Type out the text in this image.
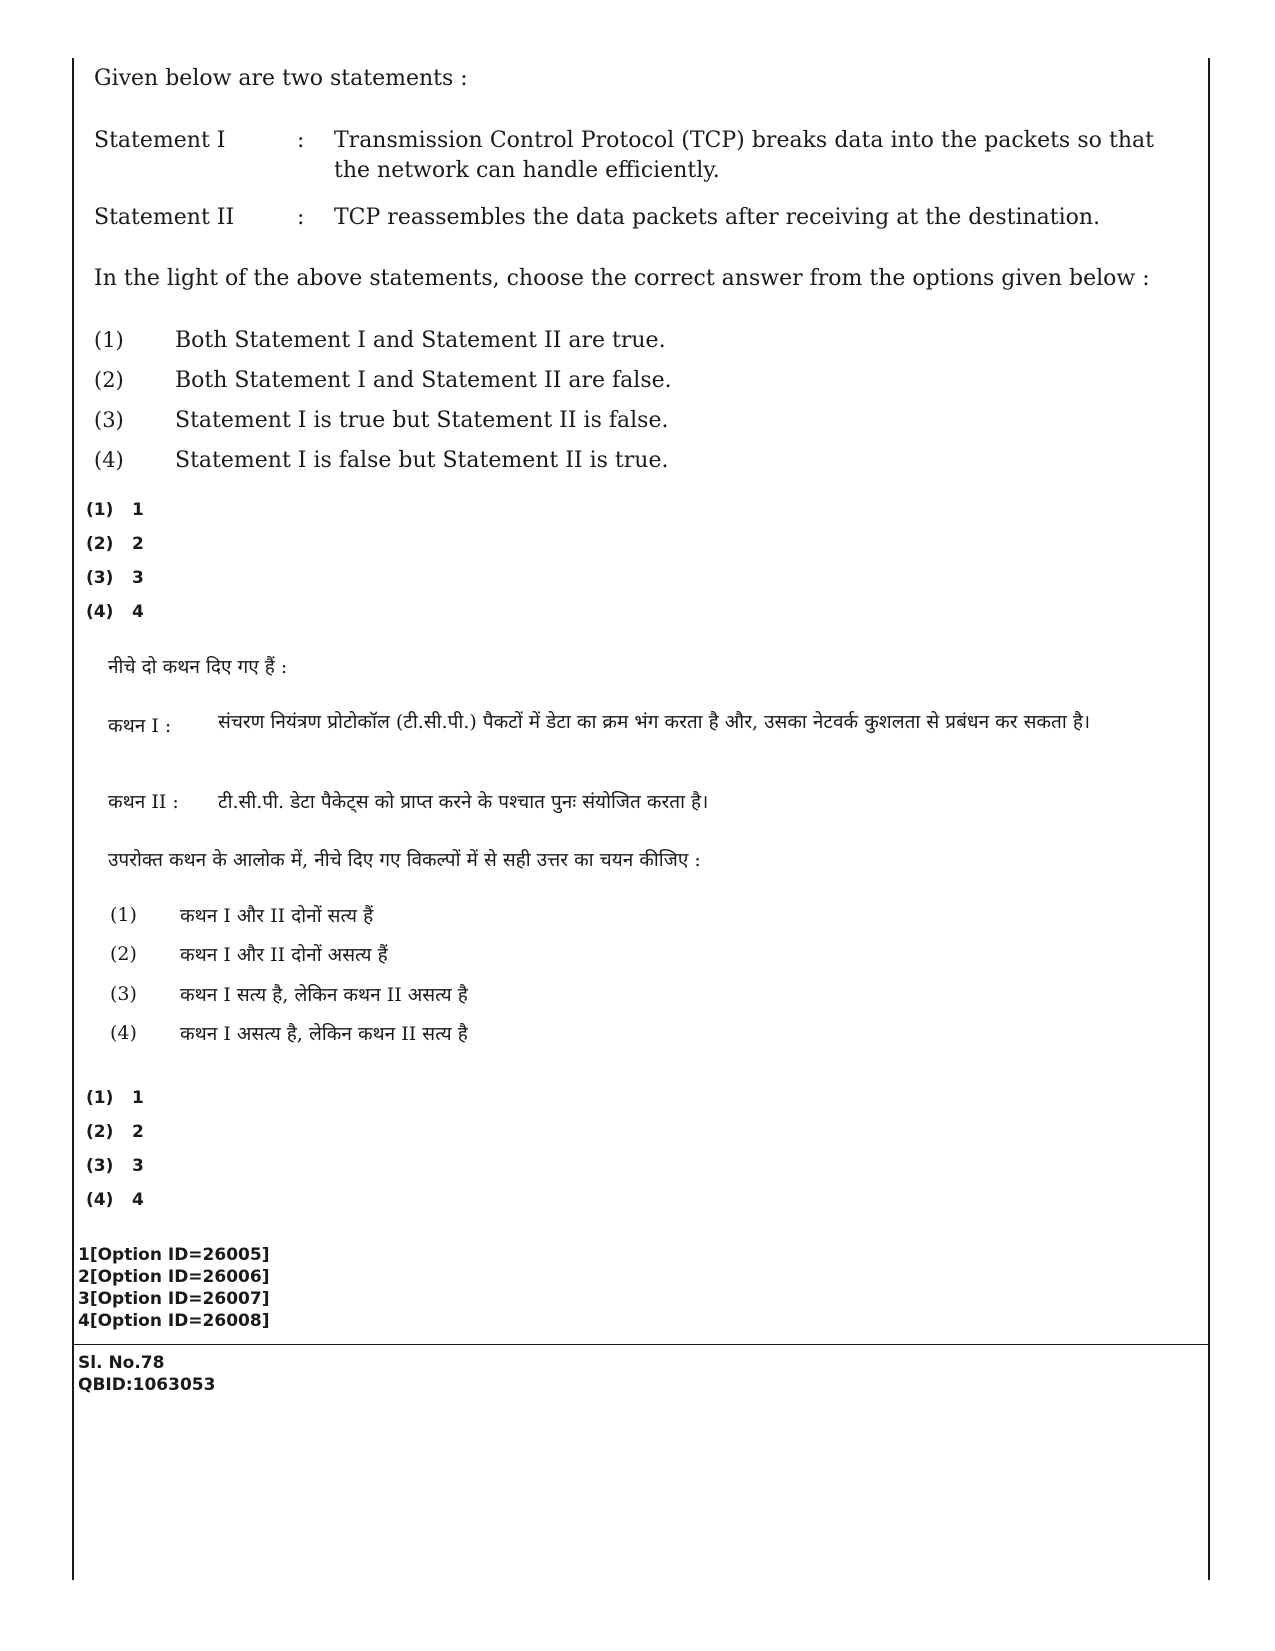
Given below are two statements :
Statement I	: Transmission Control Protocol (TCP) breaks data into the packets so that the network can handle efficiently.
Statement II	: TCP reassembles the data packets after receiving at the destination.
In the light of the above statements, choose the correct answer from the options given below :
(1) Both Statement I and Statement II are true.
(2) Both Statement I and Statement II are false.
(3) Statement I is true but Statement II is false.
(4) Statement I is false but Statement II is true.
(1) 1
(2) 2
(3) 3
(4) 4
नीचे दो कथन दिए गए हैं :
कथन I : संचरण नियंत्रण प्रोटोकॉल (टी.सी.पी.) पैकटों में डेटा का क्रम भंग करता है और, उसका नेटवर्क कुशलता से प्रबंधन कर सकता है।
कथन II : टी.सी.पी. डेटा पैकेट्स को प्राप्त करने के पश्चात पुनः संयोजित करता है।
उपरोक्त कथन के आलोक में, नीचे दिए गए विकल्पों में से सही उत्तर का चयन कीजिए :
(1) कथन I और II दोनों सत्य हैं
(2) कथन I और II दोनों असत्य हैं
(3) कथन I सत्य है, लेकिन कथन II असत्य है
(4) कथन I असत्य है, लेकिन कथन II सत्य है
(1) 1
(2) 2
(3) 3
(4) 4
1[Option ID=26005]
2[Option ID=26006]
3[Option ID=26007]
4[Option ID=26008]
Sl. No.78
QBID:1063053
